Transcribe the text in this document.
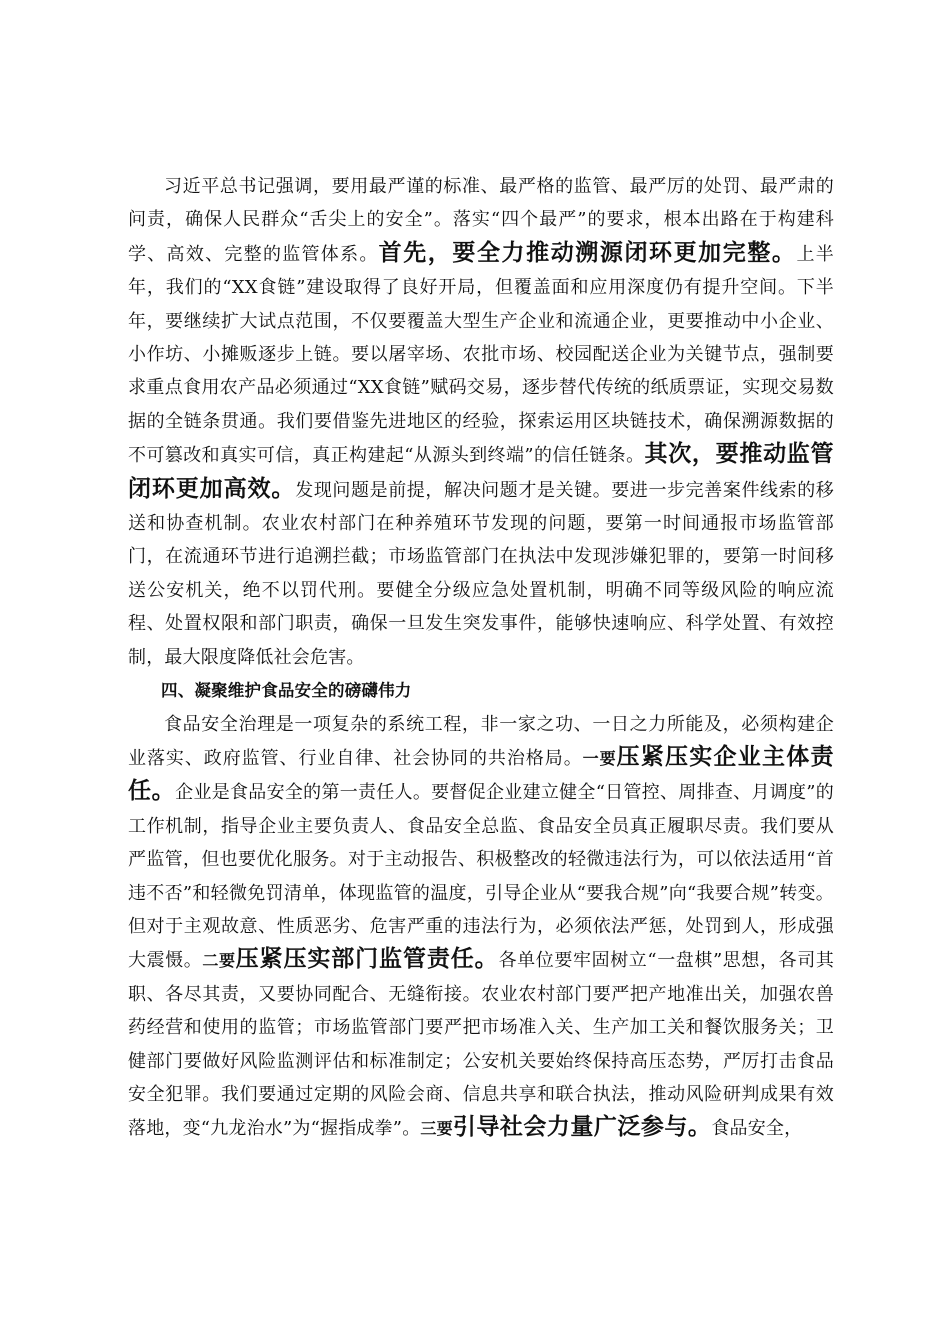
习近平总书记强调，要用最严谨的标准、最严格的监管、最严厉的处罚、最严肃的问责，确保人民群众“舌尖上的安全”。落实“四个最严”的要求，根本出路在于构建科学、高效、完整的监管体系。首先，要全力推动溯源闭环更加完整。上半年，我们的“XX食链”建设取得了良好开局，但覆盖面和应用深度仍有提升空间。下半年，要继续扩大试点范围，不仅要覆盖大型生产企业和流通企业，更要推动中小企业、小作坊、小摊贩逐步上链。要以屠宰场、农批市场、校园配送企业为关键节点，强制要求重点食用农产品必须通过“XX食链”赋码交易，逐步替代传统的纸质票证，实现交易数据的全链条贯通。我们要借鉴先进地区的经验，探索运用区块链技术，确保溯源数据的不可篡改和真实可信，真正构建起“从源头到终端”的信任链条。其次，要推动监管闭环更加高效。发现问题是前提，解决问题才是关键。要进一步完善案件线索的移送和协查机制。农业农村部门在种养殖环节发现的问题，要第一时间通报市场监管部门，在流通环节进行追溯拦截；市场监管部门在执法中发现涉嫌犯罪的，要第一时间移送公安机关，绝不以罚代刑。要健全分级应急处置机制，明确不同等级风险的响应流程、处置权限和部门职责，确保一旦发生突发事件，能够快速响应、科学处置、有效控制，最大限度降低社会危害。

四、凝聚维护食品安全的磅礴伟力

食品安全治理是一项复杂的系统工程，非一家之功、一日之力所能及，必须构建企业落实、政府监管、行业自律、社会协同的共治格局。一要压紧压实企业主体责任。企业是食品安全的第一责任人。要督促企业建立健全“日管控、周排查、月调度”的工作机制，指导企业主要负责人、食品安全总监、食品安全员真正履职尽责。我们要从严监管，但也要优化服务。对于主动报告、积极整改的轻微违法行为，可以依法适用“首违不否”和轻微免罚清单，体现监管的温度，引导企业从“要我合规”向“我要合规”转变。但对于主观故意、性质恶劣、危害严重的违法行为，必须依法严惩，处罚到人，形成强大震慑。二要压紧压实部门监管责任。各单位要牢固树立“一盘棋”思想，各司其职、各尽其责，又要协同配合、无缝衔接。农业农村部门要严把产地准出关，加强农兽药经营和使用的监管；市场监管部门要严把市场准入关、生产加工关和餐饮服务关；卫健部门要做好风险监测评估和标准制定；公安机关要始终保持高压态势，严厉打击食品安全犯罪。我们要通过定期的风险会商、信息共享和联合执法，推动风险研判成果有效落地，变“九龙治水”为“握指成拳”。三要引导社会力量广泛参与。食品安全，
